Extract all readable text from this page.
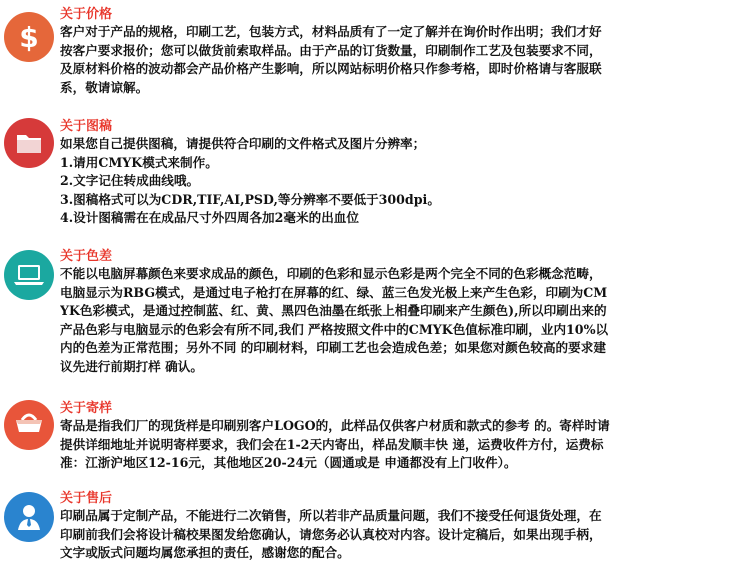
$
关于价格
客户对于产品的规格，印刷工艺，包装方式，材料品质有了一定了解并在询价时作出明；我们才好
按客户要求报价；您可以做货前索取样品。由于产品的订货数量，印刷制作工艺及包装要求不同，
及原材料价格的波动都会产品价格产生影响，所以网站标明价格只作参考格，即时价格请与客服联
系，敬请谅解。
关于图稿
如果您自己提供图稿，请提供符合印刷的文件格式及图片分辨率；
1.请用CMYK模式来制作。
2.文字记住转成曲线哦。
3.图稿格式可以为CDR,TIF,AI,PSD,等分辨率不要低于300dpi。
4.设计图稿需在在成品尺寸外四周各加2毫米的出血位
关于色差
不能以电脑屏幕颜色来要求成品的颜色，印刷的色彩和显示色彩是两个完全不同的色彩概念范畴，
电脑显示为RBG模式，是通过电子枪打在屏幕的红、绿、蓝三色发光极上来产生色彩，印刷为CM
YK色彩模式，是通过控制蓝、红、黄、黑四色油墨在纸张上相叠印刷来产生颜色),所以印刷出来的
产品色彩与电脑显示的色彩会有所不同,我们 严格按照文件中的CMYK色值标准印刷，业内10%以
内的色差为正常范围；另外不同 的印刷材料，印刷工艺也会造成色差；如果您对颜色较高的要求建
议先进行前期打样 确认。
关于寄样
寄品是指我们厂的现货样是印刷别客户LOGO的，此样品仅供客户材质和款式的参考 的。寄样时请
提供详细地址并说明寄样要求，我们会在1-2天内寄出，样品发顺丰快 递，运费收件方付，运费标
准：江浙沪地区12-16元，其他地区20-24元（圆通或是 申通都没有上门收件）。
关于售后
印刷品属于定制产品，不能进行二次销售，所以若非产品质量问题，我们不接受任何退货处理，在
印刷前我们会将设计稿校果图发给您确认，请您务必认真校对内容。设计定稿后，如果出现手柄，
文字或版式问题均属您承担的责任，感谢您的配合。
